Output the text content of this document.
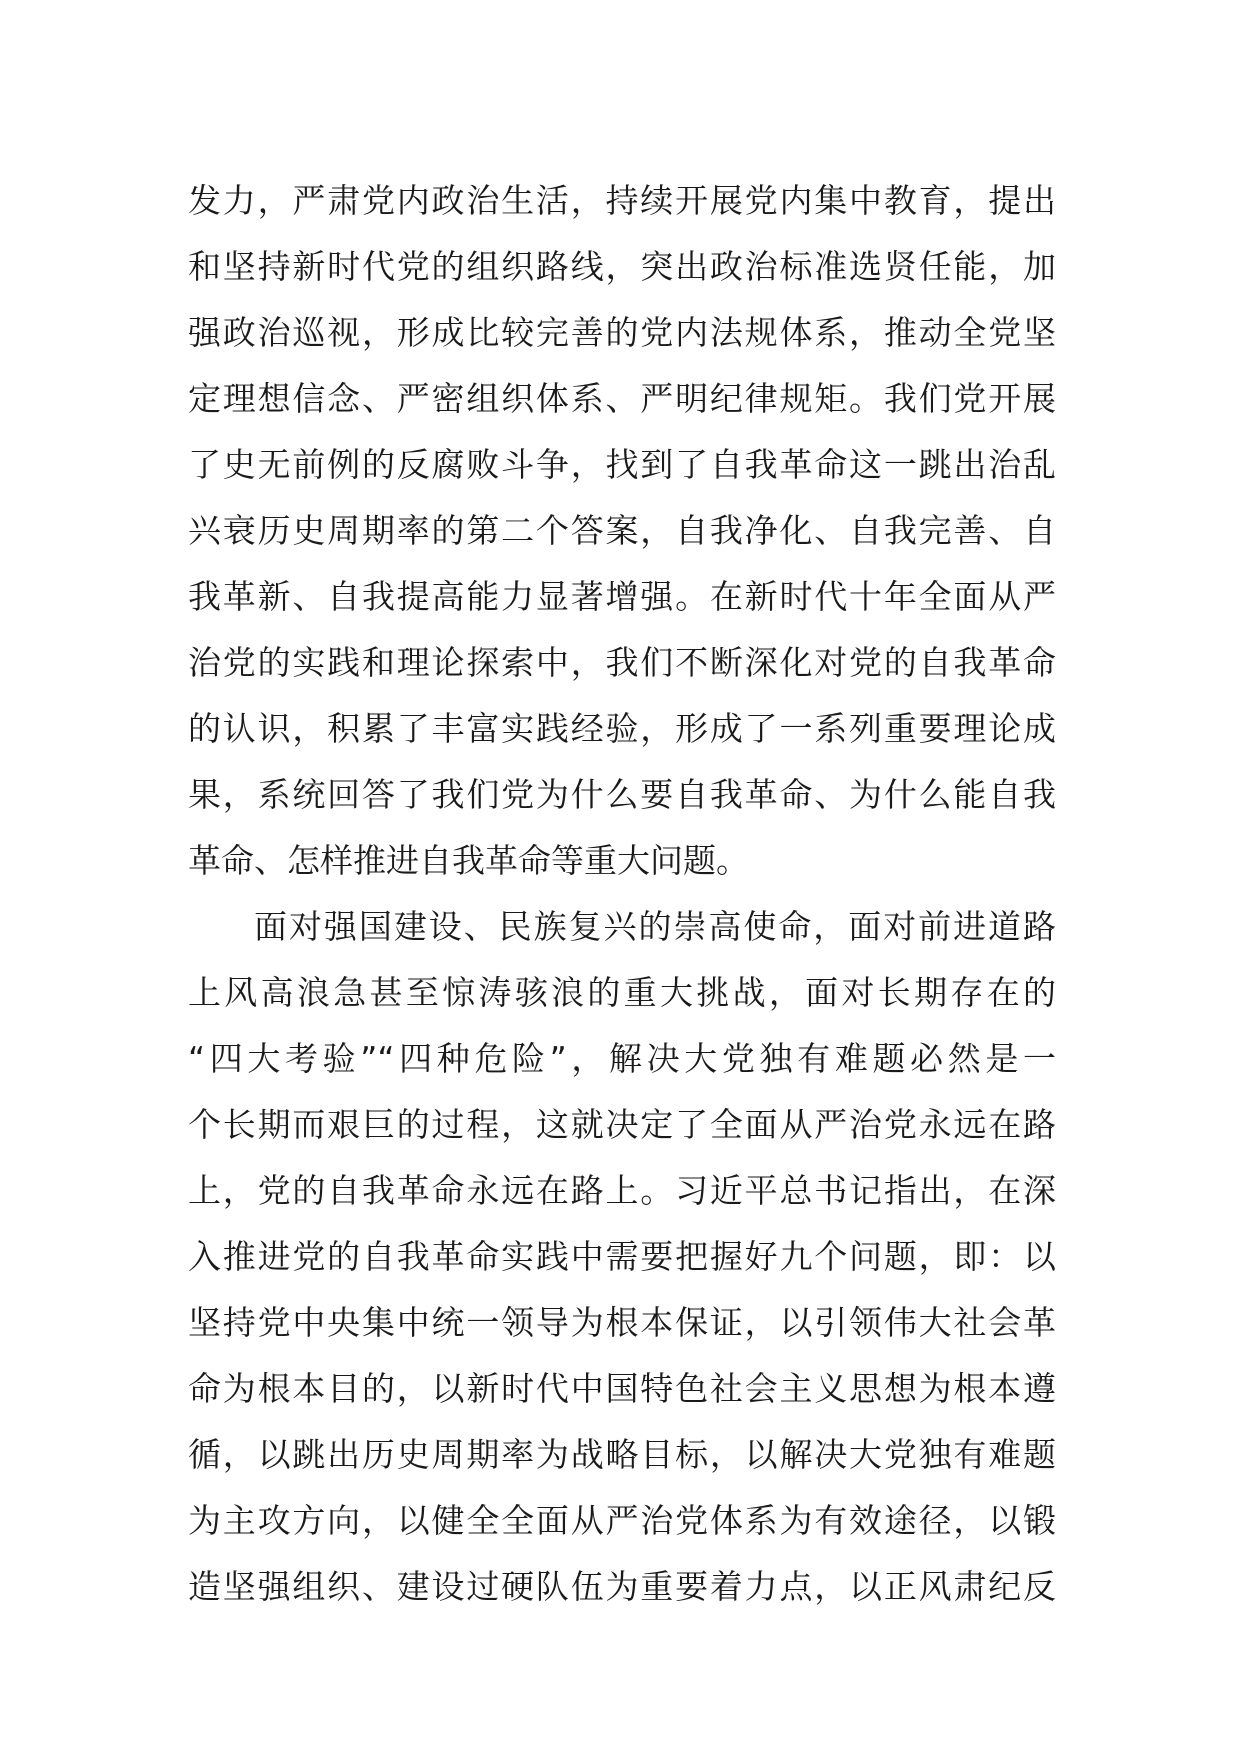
发力，严肃党内政治生活，持续开展党内集中教育，提出
和坚持新时代党的组织路线，突出政治标准选贤任能，加
强政治巡视，形成比较完善的党内法规体系，推动全党坚
定理想信念、严密组织体系、严明纪律规矩。我们党开展
了史无前例的反腐败斗争，找到了自我革命这一跳出治乱
兴衰历史周期率的第二个答案，自我净化、自我完善、自
我革新、自我提高能力显著增强。在新时代十年全面从严
治党的实践和理论探索中，我们不断深化对党的自我革命
的认识，积累了丰富实践经验，形成了一系列重要理论成
果，系统回答了我们党为什么要自我革命、为什么能自我
革命、怎样推进自我革命等重大问题。
面对强国建设、民族复兴的崇高使命，面对前进道路
上风高浪急甚至惊涛骇浪的重大挑战，面对长期存在的
“四大考验”“四种危险”，解决大党独有难题必然是一
个长期而艰巨的过程，这就决定了全面从严治党永远在路
上，党的自我革命永远在路上。习近平总书记指出，在深
入推进党的自我革命实践中需要把握好九个问题，即：以
坚持党中央集中统一领导为根本保证，以引领伟大社会革
命为根本目的，以新时代中国特色社会主义思想为根本遵
循，以跳出历史周期率为战略目标，以解决大党独有难题
为主攻方向，以健全全面从严治党体系为有效途径，以锻
造坚强组织、建设过硬队伍为重要着力点，以正风肃纪反
